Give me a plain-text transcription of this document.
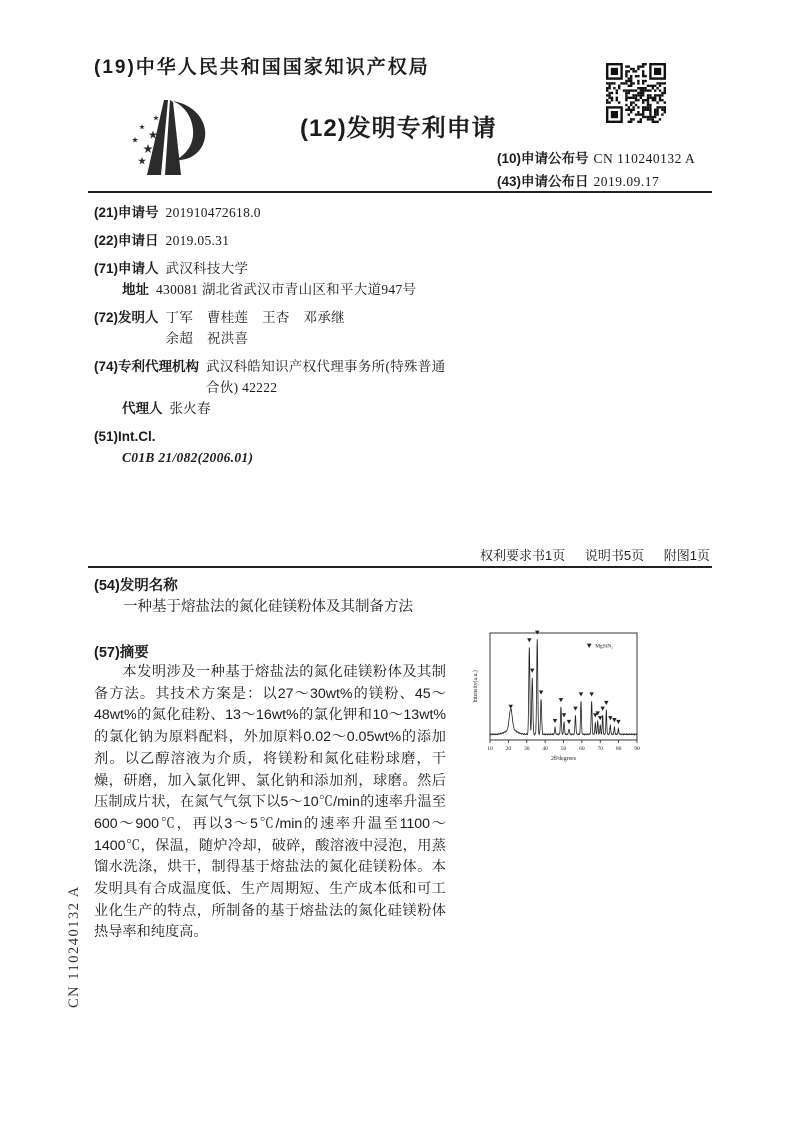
(19)中华人民共和国国家知识产权局
(12)发明专利申请
(10)申请公布号 CN 110240132 A
(43)申请公布日 2019.09.17
(21)申请号 201910472618.0
(22)申请日 2019.05.31
(71)申请人 武汉科技大学
地址 430081 湖北省武汉市青山区和平大道947号
(72)发明人 丁军　曹桂莲　王杏　邓承继
余超　祝洪喜
(74)专利代理机构 武汉科皓知识产权代理事务所(特殊普通合伙) 42222
代理人 张火春
(51)Int.Cl.
C01B 21/082(2006.01)
权利要求书1页 说明书5页 附图1页
(54)发明名称
一种基于熔盐法的氮化硅镁粉体及其制备方法
(57)摘要
本发明涉及一种基于熔盐法的氮化硅镁粉体及其制备方法。其技术方案是：以27～30wt%的镁粉、45～48wt%的氮化硅粉、13～16wt%的氯化钾和10～13wt%的氯化钠为原料配料，外加原料0.02～0.05wt%的添加剂。以乙醇溶液为介质，将镁粉和氮化硅粉球磨，干燥，研磨，加入氯化钾、氯化钠和添加剂，球磨。然后压制成片状，在氮气气氛下以5～10℃/min的速率升温至600～900℃，再以3～5℃/min的速率升温至1100～1400℃，保温，随炉冷却，破碎，酸溶液中浸泡，用蒸馏水洗涤，烘干，制得基于熔盐法的氮化硅镁粉体。本发明具有合成温度低、生产周期短、生产成本低和可工业化生产的特点，所制备的基于熔盐法的氮化硅镁粉体热导率和纯度高。
10 20 30 40 50 60 70 80 90
2θ/degrees
Intensity(a.u.)
MgSiN₂
CN 110240132 A
